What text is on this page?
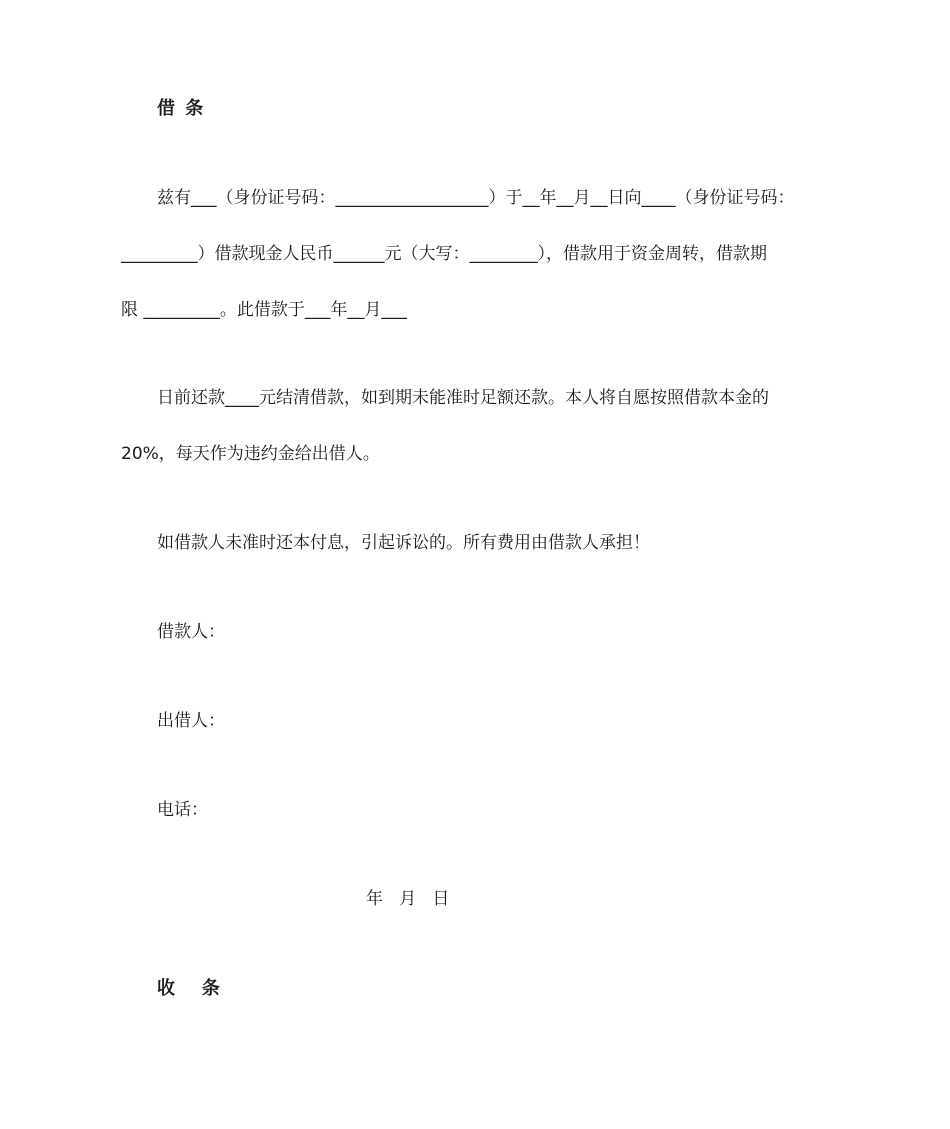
借 条
兹有___（身份证号码：__________________）于__年__月__日向____（身份证号码：
_________）借款现金人民币______元（大写：________），借款用于资金周转，借款期
限 _________。此借款于___年__月___
日前还款____元结清借款，如到期未能准时足额还款。本人将自愿按照借款本金的
20%，每天作为违约金给出借人。
如借款人未准时还本付息，引起诉讼的。所有费用由借款人承担！
借款人：
出借人：
电话：
年   月   日
收   条
